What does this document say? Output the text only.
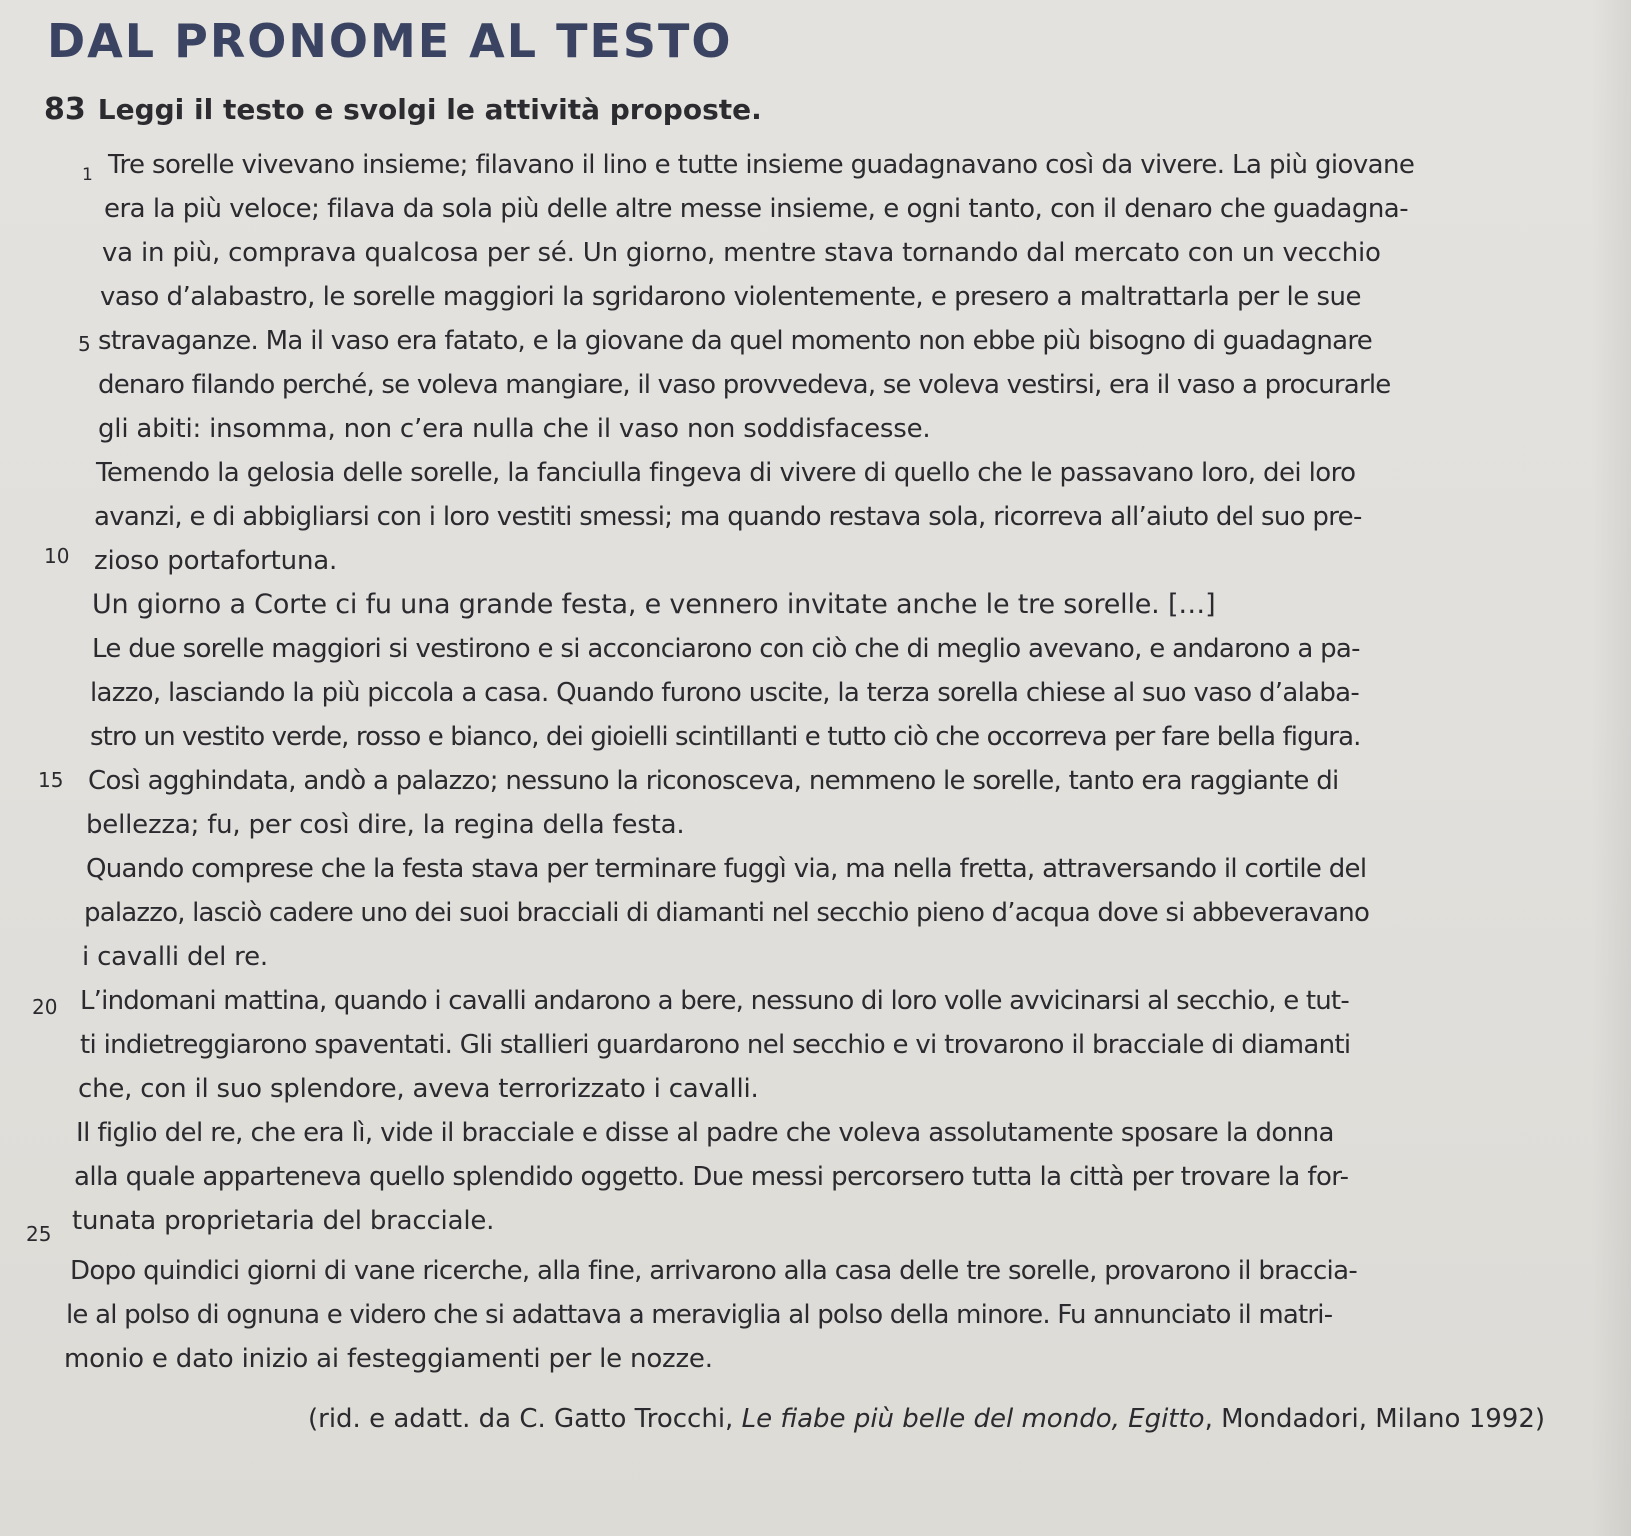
DAL PRONOME AL TESTO
83 Leggi il testo e svolgi le attività proposte.
1
5
10
15
20
25
Tre sorelle vivevano insieme; filavano il lino e tutte insieme guadagnavano così da vivere. La più giovane
era la più veloce; filava da sola più delle altre messe insieme, e ogni tanto, con il denaro che guadagna-
va in più, comprava qualcosa per sé. Un giorno, mentre stava tornando dal mercato con un vecchio
vaso d’alabastro, le sorelle maggiori la sgridarono violentemente, e presero a maltrattarla per le sue
stravaganze. Ma il vaso era fatato, e la giovane da quel momento non ebbe più bisogno di guadagnare
denaro filando perché, se voleva mangiare, il vaso provvedeva, se voleva vestirsi, era il vaso a procurarle
gli abiti: insomma, non c’era nulla che il vaso non soddisfacesse.
Temendo la gelosia delle sorelle, la fanciulla fingeva di vivere di quello che le passavano loro, dei loro
avanzi, e di abbigliarsi con i loro vestiti smessi; ma quando restava sola, ricorreva all’aiuto del suo pre-
zioso portafortuna.
Un giorno a Corte ci fu una grande festa, e vennero invitate anche le tre sorelle. […]
Le due sorelle maggiori si vestirono e si acconciarono con ciò che di meglio avevano, e andarono a pa-
lazzo, lasciando la più piccola a casa. Quando furono uscite, la terza sorella chiese al suo vaso d’alaba-
stro un vestito verde, rosso e bianco, dei gioielli scintillanti e tutto ciò che occorreva per fare bella figura.
Così agghindata, andò a palazzo; nessuno la riconosceva, nemmeno le sorelle, tanto era raggiante di
bellezza; fu, per così dire, la regina della festa.
Quando comprese che la festa stava per terminare fuggì via, ma nella fretta, attraversando il cortile del
palazzo, lasciò cadere uno dei suoi bracciali di diamanti nel secchio pieno d’acqua dove si abbeveravano
i cavalli del re.
L’indomani mattina, quando i cavalli andarono a bere, nessuno di loro volle avvicinarsi al secchio, e tut-
ti indietreggiarono spaventati. Gli stallieri guardarono nel secchio e vi trovarono il bracciale di diamanti
che, con il suo splendore, aveva terrorizzato i cavalli.
Il figlio del re, che era lì, vide il bracciale e disse al padre che voleva assolutamente sposare la donna
alla quale apparteneva quello splendido oggetto. Due messi percorsero tutta la città per trovare la for-
tunata proprietaria del bracciale.
Dopo quindici giorni di vane ricerche, alla fine, arrivarono alla casa delle tre sorelle, provarono il braccia-
le al polso di ognuna e videro che si adattava a meraviglia al polso della minore. Fu annunciato il matri-
monio e dato inizio ai festeggiamenti per le nozze.
(rid. e adatt. da C. Gatto Trocchi, Le fiabe più belle del mondo, Egitto, Mondadori, Milano 1992)
